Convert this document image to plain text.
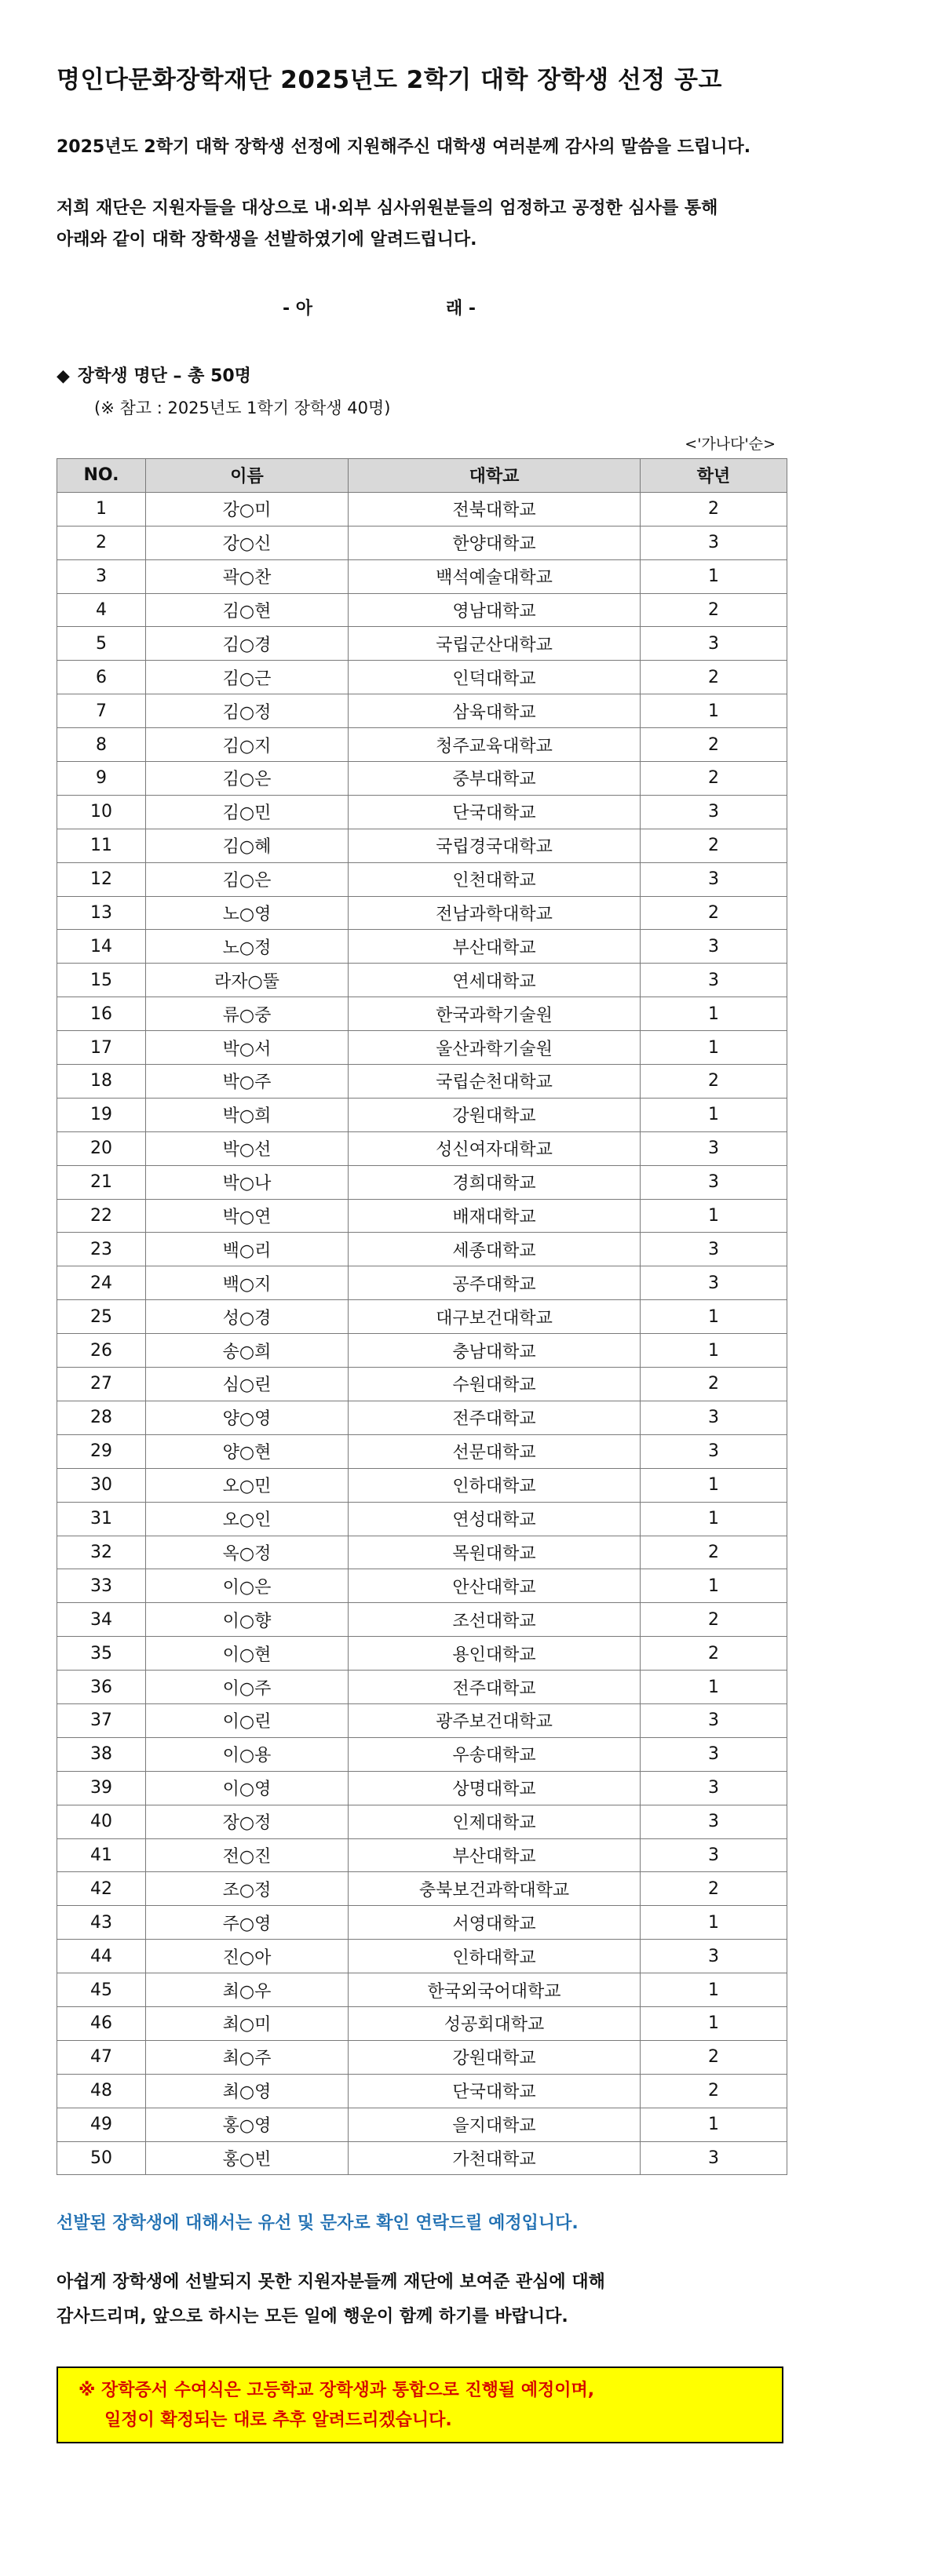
명인다문화장학재단 2025년도 2학기 대학 장학생 선정 공고
2025년도 2학기 대학 장학생 선정에 지원해주신 대학생 여러분께 감사의 말씀을 드립니다.
저희 재단은 지원자들을 대상으로 내·외부 심사위원분들의 엄정하고 공정한 심사를 통해
아래와 같이 대학 장학생을 선발하였기에 알려드립니다.
- 아	래 -
◆ 장학생 명단 – 총 50명
(※ 참고 : 2025년도 1학기 장학생 40명)
<'가나다'순>
NO.	이름	대학교	학년
1	강○미	전북대학교	2
2	강○신	한양대학교	3
3	곽○찬	백석예술대학교	1
4	김○현	영남대학교	2
5	김○경	국립군산대학교	3
6	김○근	인덕대학교	2
7	김○정	삼육대학교	1
8	김○지	청주교육대학교	2
9	김○은	중부대학교	2
10	김○민	단국대학교	3
11	김○혜	국립경국대학교	2
12	김○은	인천대학교	3
13	노○영	전남과학대학교	2
14	노○정	부산대학교	3
15	라자○뚤	연세대학교	3
16	류○중	한국과학기술원	1
17	박○서	울산과학기술원	1
18	박○주	국립순천대학교	2
19	박○희	강원대학교	1
20	박○선	성신여자대학교	3
21	박○나	경희대학교	3
22	박○연	배재대학교	1
23	백○리	세종대학교	3
24	백○지	공주대학교	3
25	성○경	대구보건대학교	1
26	송○희	충남대학교	1
27	심○린	수원대학교	2
28	양○영	전주대학교	3
29	양○현	선문대학교	3
30	오○민	인하대학교	1
31	오○인	연성대학교	1
32	옥○정	목원대학교	2
33	이○은	안산대학교	1
34	이○향	조선대학교	2
35	이○현	용인대학교	2
36	이○주	전주대학교	1
37	이○린	광주보건대학교	3
38	이○용	우송대학교	3
39	이○영	상명대학교	3
40	장○정	인제대학교	3
41	전○진	부산대학교	3
42	조○정	충북보건과학대학교	2
43	주○영	서영대학교	1
44	진○아	인하대학교	3
45	최○우	한국외국어대학교	1
46	최○미	성공회대학교	1
47	최○주	강원대학교	2
48	최○영	단국대학교	2
49	홍○영	을지대학교	1
50	홍○빈	가천대학교	3
선발된 장학생에 대해서는 유선 및 문자로 확인 연락드릴 예정입니다.
아쉽게 장학생에 선발되지 못한 지원자분들께 재단에 보여준 관심에 대해
감사드리며, 앞으로 하시는 모든 일에 행운이 함께 하기를 바랍니다.
※ 장학증서 수여식은 고등학교 장학생과 통합으로 진행될 예정이며,
일정이 확정되는 대로 추후 알려드리겠습니다.
